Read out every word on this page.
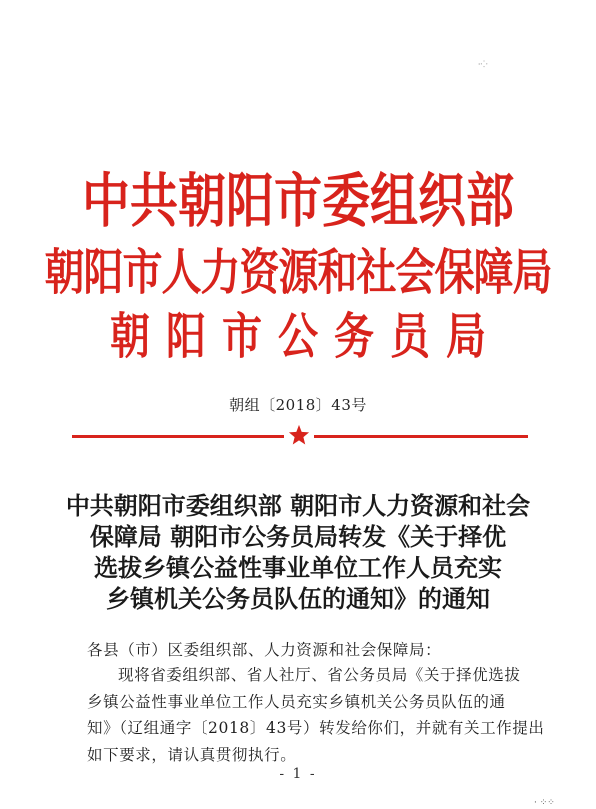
⸱⁘
中共朝阳市委组织部
朝阳市人力资源和社会保障局
朝阳市公务员局
朝组〔2018〕43号
中共朝阳市委组织部 朝阳市人力资源和社会
保障局 朝阳市公务员局转发《关于择优
选拔乡镇公益性事业单位工作人员充实
乡镇机关公务员队伍的通知》的通知
各县（市）区委组织部、人力资源和社会保障局：
现将省委组织部、省人社厅、省公务员局《关于择优选拔
乡镇公益性事业单位工作人员充实乡镇机关公务员队伍的通
知》（辽组通字〔2018〕43号）转发给你们，并就有关工作提出
如下要求，请认真贯彻执行。
- 1 -
· ⁘⁘
